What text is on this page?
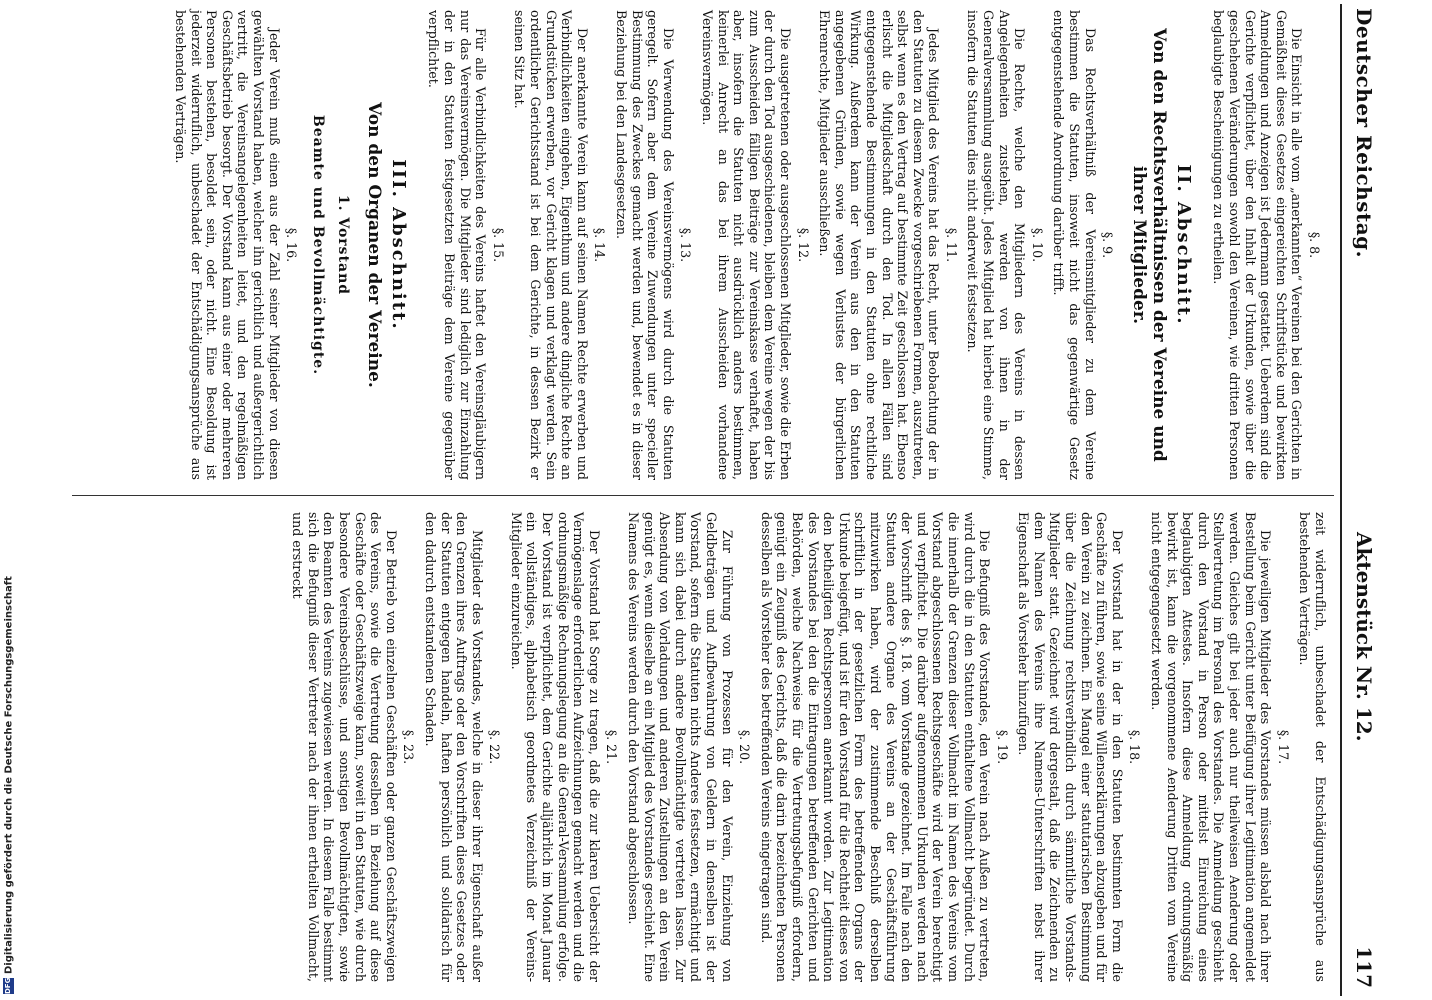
DFGDigitalisierung gefördert durch die Deutsche Forschungsgemeinschaft
Deutscher Reichstag.
Aktenstück Nr. 12.
117
§. 8.

Die Einsicht in alle vom „anerkannten“ Vereinen bei den Gerichten in Gemäßheit dieses Gesetzes eingereichten Schriftstücke und bewirkten Anmeldungen und Anzeigen ist Jedermann gestattet. Ueberdem sind die Gerichte verpflichtet, über den Inhalt der Urkunden, sowie über die geschehenen Veränderungen sowohl den Vereinen, wie dritten Personen beglaubigte Bescheinigungen zu ertheilen.

II. Abschnitt.
Von den Rechtsverhältnissen der Vereine und ihrer Mitglieder.
§. 9.

Das Rechtsverhältniß der Vereinsmitglieder zu dem Vereine bestimmen die Statuten, insoweit nicht das gegenwärtige Gesetz entgegenstehende Anordnung darüber trifft.

§. 10.

Die Rechte, welche den Mitgliedern des Vereins in dessen Angelegenheiten zustehen, werden von ihnen in der Generalversammlung ausgeübt. Jedes Mitglied hat hierbei eine Stimme, insofern die Statuten dies nicht anderweit festsetzen.

§. 11.

Jedes Mitglied des Vereins hat das Recht, unter Beobachtung der in den Statuten zu diesem Zwecke vorgeschriebenen Formen, auszutreten, selbst wenn es den Vertrag auf bestimmte Zeit geschlossen hat. Ebenso erlischt die Mitgliedschaft durch den Tod. In allen Fällen sind entgegenstehende Bestimmungen in den Statuten ohne rechtliche Wirkung. Außerdem kann der Verein aus den in den Statuten angegebenen Gründen, sowie wegen Verlustes der bürgerlichen Ehrenrechte, Mitglieder ausschließen.

§. 12.

Die ausgetretenen oder ausgeschlossenen Mitglieder, sowie die Erben der durch den Tod ausgeschiedenen, bleiben dem Vereine wegen der bis zum Ausscheiden fälligen Beiträge zur Vereinskasse verhaftet, haben aber, insofern die Statuten nicht ausdrücklich anders bestimmen, keinerlei Anrecht an das bei ihrem Ausscheiden vorhandene Vereinsvermögen.

§. 13.

Die Verwendung des Vereinsvermögens wird durch die Statuten geregelt. Sofern aber dem Vereine Zuwendungen unter specieller Bestimmung des Zweckes gemacht werden und, bewendet es in dieser Beziehung bei den Landesgesetzen.

§. 14.

Der anerkannte Verein kann auf seinen Namen Rechte erwerben und Verbindlichkeiten eingehen, Eigenthum und andere dingliche Rechte an Grundstücken erwerben, vor Gericht klagen und verklagt werden. Sein ordentlicher Gerichtsstand ist bei dem Gerichte, in dessen Bezirk er seinen Sitz hat.

§. 15.

Für alle Verbindlichkeiten des Vereins haftet den Vereinsgläubigern nur das Vereinsvermögen. Die Mitglieder sind lediglich zur Einzahlung der in den Statuten festgesetzten Beiträge dem Vereine gegenüber verpflichtet.

III. Abschnitt.
Von den Organen der Vereine.
1. Vorstand
Beamte und Bevollmächtigte.
§. 16.

Jeder Verein muß einen aus der Zahl seiner Mitglieder von diesen gewählten Vorstand haben, welcher ihn gerichtlich und außergerichtlich vertritt, die Vereinsangelegenheiten leitet, und den regelmäßigen Geschäftsbetrieb besorgt. Der Vorstand kann aus einer oder mehreren Personen bestehen, besoldet sein, oder nicht. Eine Besoldung ist jederzeit widerruflich, unbeschadet der Entschädigungsansprüche aus bestehenden Verträgen.

zeit widerruflich, unbeschadet der Entschädigungsansprüche aus bestehenden Verträgen.

§. 17.

Die jeweiligen Mitglieder des Vorstandes müssen alsbald nach ihrer Bestellung beim Gericht unter Beifügung ihrer Legitimation angemeldet werden. Gleiches gilt bei jeder auch nur theilweisen Aenderung oder Stellvertretung im Personal des Vorstandes. Die Anmeldung geschieht durch den Vorstand in Person oder mittelst Einreichung eines beglaubigten Attestes. Insofern diese Anmeldung ordnungsmäßig bewirkt ist, kann die vorgenommene Aenderung Dritten vom Vereine nicht entgegengesetzt werden.

§. 18.

Der Vorstand hat in der in den Statuten bestimmten Form die Geschäfte zu führen, sowie seine Willenserklärungen abzugeben und für den Verein zu zeichnen. Ein Mangel einer statutarischen Bestimmung über die Zeichnung rechtsverbindlich durch sämmtliche Vorstands-Mitglieder statt. Gezeichnet wird dergestalt, daß die Zeichnenden zu dem Namen des Vereins ihre Namens-Unterschriften nebst ihrer Eigenschaft als Vorsteher hinzufügen.

§. 19.

Die Befugniß des Vorstandes, den Verein nach Außen zu vertreten, wird durch die in den Statuten enthaltene Vollmacht begründet. Durch die innerhalb der Grenzen dieser Vollmacht im Namen des Vereins vom Vorstand abgeschlossenen Rechtsgeschäfte wird der Verein berechtigt und verpflichtet. Die darüber aufgenommenen Urkunden werden nach der Vorschrift des §. 18. vom Vorstande gezeichnet. Im Falle nach den Statuten andere Organe des Vereins an der Geschäftsführung mitzuwirken haben, wird der zustimmende Beschluß derselben schriftlich in der gesetzlichen Form des betreffenden Organs der Urkunde beigefügt, und ist für den Vorstand für die Rechtheit dieses von den betheiligten Rechtspersonen anerkannt worden. Zur Legitimation des Vorstandes bei den die Eintragungen betreffenden Gerichten und Behörden, welche Nachweise für die Vertretungsbefugniß erfordern, genügt ein Zeugniß des Gerichts, daß die darin bezeichneten Personen desselben als Vorsteher des betreffenden Vereins eingetragen sind.

§. 20.

Zur Führung von Prozessen für den Verein, Einziehung von Geldbeträgen und Aufbewahrung von Geldern in denselben ist der Vorstand, sofern die Statuten nichts Anderes festsetzen, ermächtigt und kann sich dabei durch andere Bevollmächtigte vertreten lassen. Zur Absendung von Vorladungen und anderen Zustellungen an den Verein genügt es, wenn dieselbe an ein Mitglied des Vorstandes geschieht. Eine Namens des Vereins werden durch den Vorstand abgeschlossen.

§. 21.

Der Vorstand hat Sorge zu tragen, daß die zur klaren Uebersicht der Vermögenslage erforderlichen Aufzeichnungen gemacht werden und die ordnungsmäßige Rechnungslegung an die General-Versammlung erfolge. Der Vorstand ist verpflichtet, dem Gerichte alljährlich im Monat Januar ein vollständiges, alphabetisch geordnetes Verzeichniß der Vereins-Mitglieder einzureichen.

§. 22.

Mitglieder des Vorstandes, welche in dieser ihrer Eigenschaft außer den Grenzen ihres Auftrags oder den Vorschriften dieses Gesetzes oder der Statuten entgegen handeln, haften persönlich und solidarisch für den dadurch entstandenen Schaden.

§. 23.

Der Betrieb von einzelnen Geschäften oder ganzen Geschäftszweigen des Vereins, sowie die Vertretung desselben in Beziehung auf diese Geschäfte oder Geschäftszweige kann, soweit in den Statuten, wie durch besondere Vereinsbeschlüsse, und sonstigen Bevollmächtigten, sowie den Beamten des Vereins zugewiesen werden. In diesem Falle bestimmt sich die Befugniß dieser Vertreter nach der ihnen ertheilten Vollmacht, und erstreckt
